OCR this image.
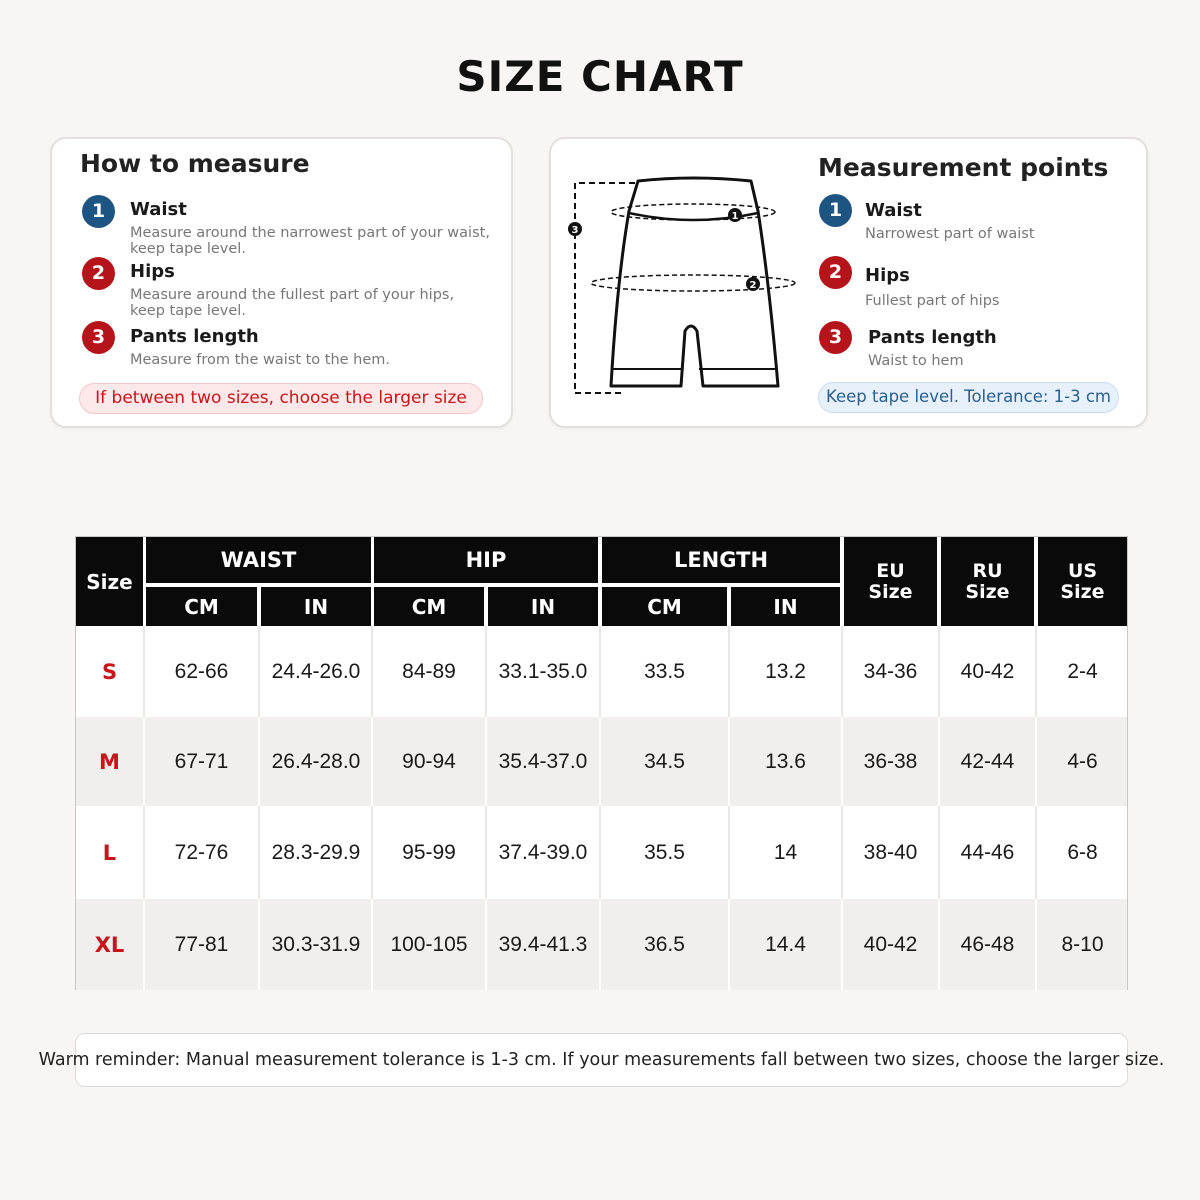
SIZE CHART
How to measure
1	Waist
Measure around the narrowest part of your waist, keep tape level.
2	Hips
Measure around the fullest part of your hips, keep tape level.
3	Pants length
Measure from the waist to the hem.
If between two sizes, choose the larger size
1
2
3
Measurement points
1	Waist
Narrowest part of waist
2	Hips
Fullest part of hips
3	Pants length
Waist to hem
Keep tape level. Tolerance: 1-3 cm
Size
WAIST	HIP	LENGTH
CM	IN	CM	IN	CM	IN
EU
Size
RU
Size
US
Size
S	62-66	24.4-26.0	84-89	33.1-35.0	33.5	13.2	34-36	40-42	2-4
M	67-71	26.4-28.0	90-94	35.4-37.0	34.5	13.6	36-38	42-44	4-6
L	72-76	28.3-29.9	95-99	37.4-39.0	35.5	14	38-40	44-46	6-8
XL	77-81	30.3-31.9	100-105	39.4-41.3	36.5	14.4	40-42	46-48	8-10
Warm reminder: Manual measurement tolerance is 1-3 cm. If your measurements fall between two sizes, choose the larger size.
